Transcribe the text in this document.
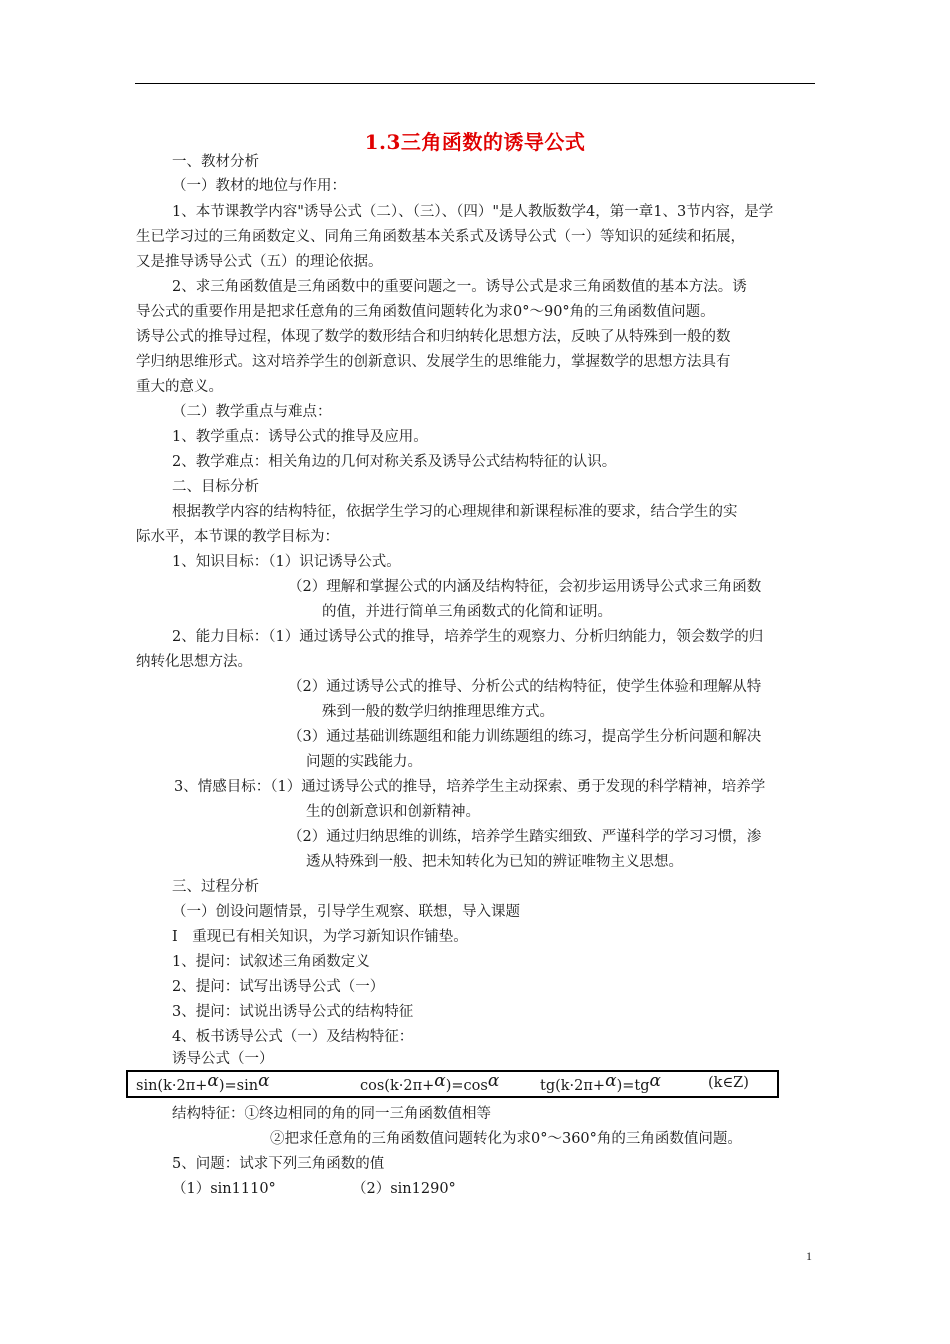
1.3三角函数的诱导公式
一、教材分析
（一）教材的地位与作用：
1、本节课教学内容"诱导公式（二）、（三）、（四）"是人教版数学4，第一章1、3节内容，是学
生已学习过的三角函数定义、同角三角函数基本关系式及诱导公式（一）等知识的延续和拓展，
又是推导诱导公式（五）的理论依据。
2、求三角函数值是三角函数中的重要问题之一。诱导公式是求三角函数值的基本方法。诱
导公式的重要作用是把求任意角的三角函数值问题转化为求0°～90°角的三角函数值问题。
诱导公式的推导过程，体现了数学的数形结合和归纳转化思想方法，反映了从特殊到一般的数
学归纳思维形式。这对培养学生的创新意识、发展学生的思维能力，掌握数学的思想方法具有
重大的意义。
（二）教学重点与难点：
1、教学重点：诱导公式的推导及应用。
2、教学难点：相关角边的几何对称关系及诱导公式结构特征的认识。
二、目标分析
根据教学内容的结构特征，依据学生学习的心理规律和新课程标准的要求，结合学生的实
际水平，本节课的教学目标为：
1、知识目标：（1）识记诱导公式。
（2）理解和掌握公式的内涵及结构特征，会初步运用诱导公式求三角函数
的值，并进行简单三角函数式的化简和证明。
2、能力目标：（1）通过诱导公式的推导，培养学生的观察力、分析归纳能力，领会数学的归
纳转化思想方法。
（2）通过诱导公式的推导、分析公式的结构特征，使学生体验和理解从特
殊到一般的数学归纳推理思维方式。
（3）通过基础训练题组和能力训练题组的练习，提高学生分析问题和解决
问题的实践能力。
3、情感目标：（1）通过诱导公式的推导，培养学生主动探索、勇于发现的科学精神，培养学
生的创新意识和创新精神。
（2）通过归纳思维的训练，培养学生踏实细致、严谨科学的学习习惯，渗
透从特殊到一般、把未知转化为已知的辨证唯物主义思想。
三、过程分析
（一）创设问题情景，引导学生观察、联想，导入课题
I　重现已有相关知识，为学习新知识作铺垫。
1、提问：试叙述三角函数定义
2、提问：试写出诱导公式（一）
3、提问：试说出诱导公式的结构特征
4、板书诱导公式（一）及结构特征：
诱导公式（一）
sin(k·2π+α)=sinα	cos(k·2π+α)=cosα	tg(k·2π+α)=tgα	(k∈Z)
结构特征：①终边相同的角的同一三角函数值相等
②把求任意角的三角函数值问题转化为求0°～360°角的三角函数值问题。
5、问题：试求下列三角函数的值
（1）sin1110°	（2）sin1290°
1
